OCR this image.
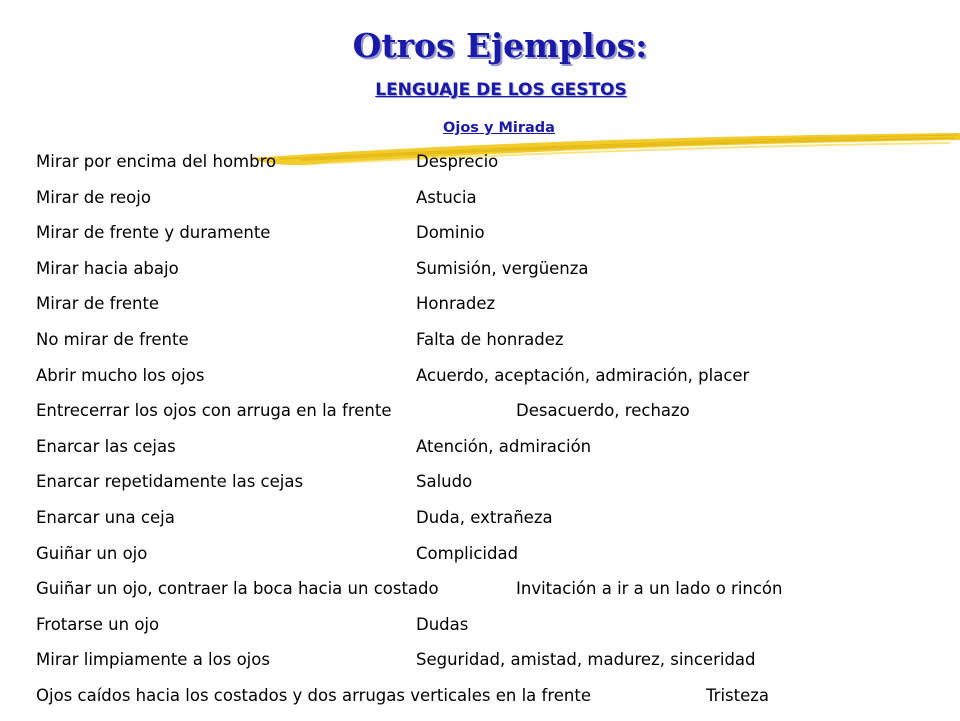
Otros Ejemplos:
LENGUAJE DE LOS GESTOS
Ojos y Mirada
Mirar por encima del hombro	Desprecio
Mirar de reojo	Astucia
Mirar de frente y duramente	Dominio
Mirar hacia abajo	Sumisión, vergüenza
Mirar de frente	Honradez
No mirar de frente	Falta de honradez
Abrir mucho los ojos	Acuerdo, aceptación, admiración, placer
Entrecerrar los ojos con arruga en la frente	Desacuerdo, rechazo
Enarcar las cejas	Atención, admiración
Enarcar repetidamente las cejas	Saludo
Enarcar una ceja	Duda, extrañeza
Guiñar un ojo	Complicidad
Guiñar un ojo, contraer la boca hacia un costado	Invitación a ir a un lado o rincón
Frotarse un ojo	Dudas
Mirar limpiamente a los ojos	Seguridad, amistad, madurez, sinceridad
Ojos caídos hacia los costados y dos arrugas verticales en la frente	Tristeza
